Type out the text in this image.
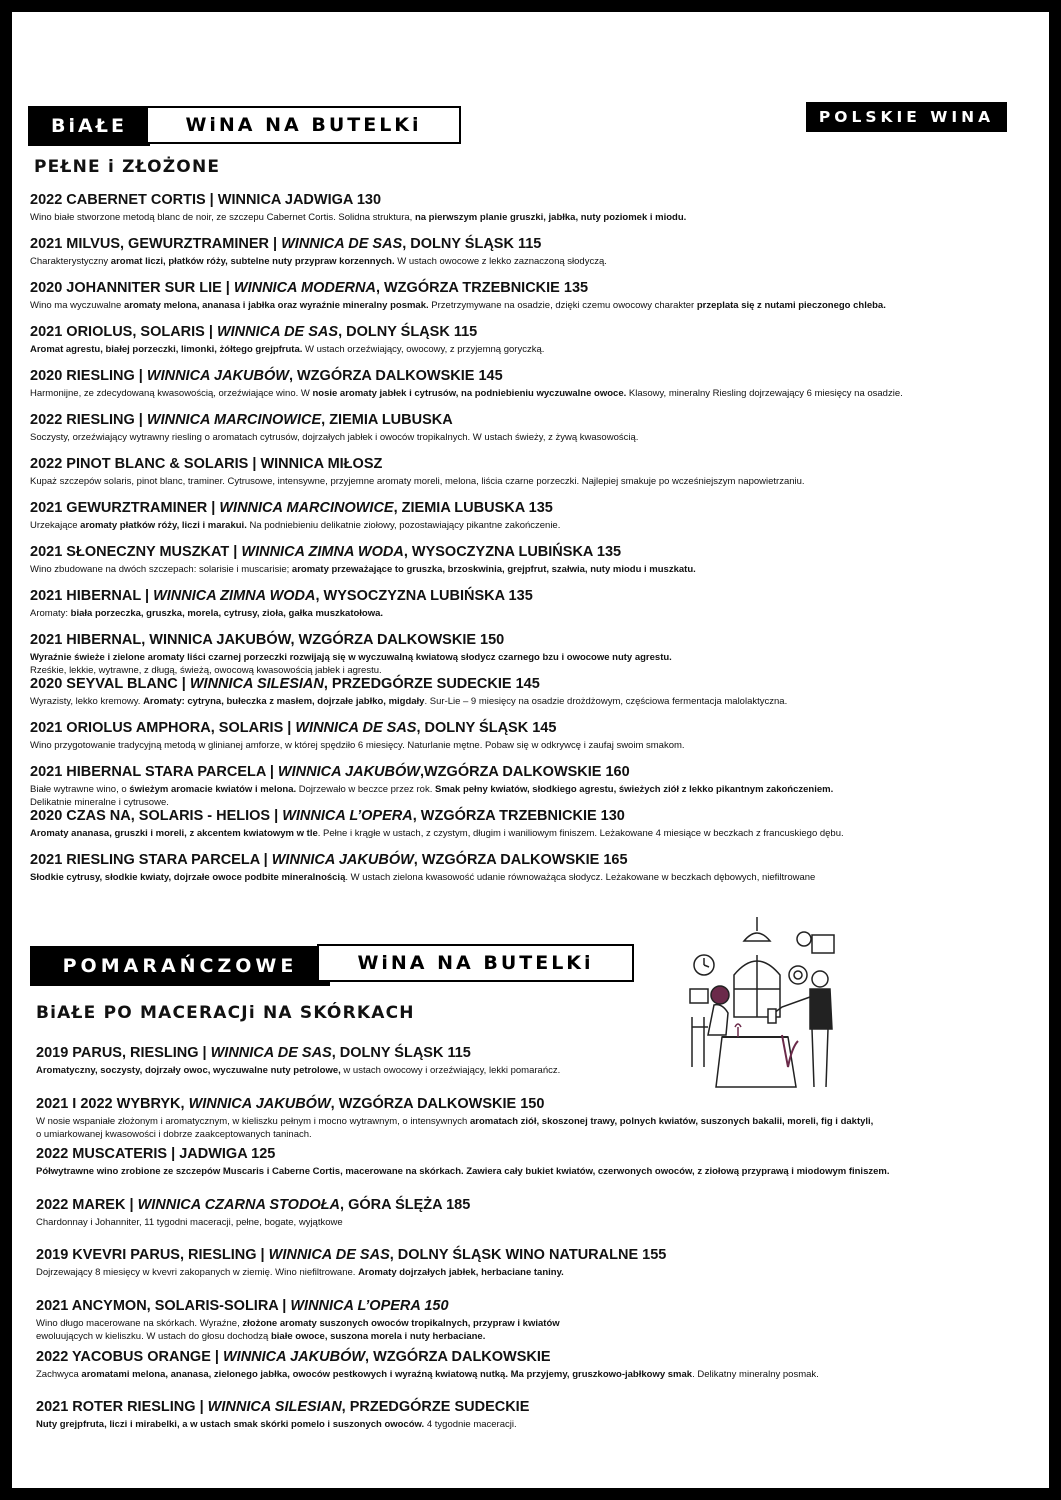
BiAŁE	WiNA NA BUTELKi	POLSKIE WINA
PEŁNE i ZŁOŻONE
2022 CABERNET CORTIS | WINNICA JADWIGA 130
Wino białe stworzone metodą blanc de noir, ze szczepu Cabernet Cortis. Solidna struktura, na pierwszym planie gruszki, jabłka, nuty poziomek i miodu.
2021 MILVUS, GEWURZTRAMINER | WINNICA DE SAS, DOLNY ŚLĄSK 115
Charakterystyczny aromat liczi, płatków róży, subtelne nuty przypraw korzennych. W ustach owocowe z lekko zaznaczoną słodyczą.
2020 JOHANNITER SUR LIE | WINNICA MODERNA, WZGÓRZA TRZEBNICKIE 135
Wino ma wyczuwalne aromaty melona, ananasa i jabłka oraz wyraźnie mineralny posmak. Przetrzymywane na osadzie, dzięki czemu owocowy charakter przeplata się z nutami pieczonego chleba.
2021 ORIOLUS, SOLARIS | WINNICA DE SAS, DOLNY ŚLĄSK 115
Aromat agrestu, białej porzeczki, limonki, żółtego grejpfruta. W ustach orzeźwiający, owocowy, z przyjemną goryczką.
2020 RIESLING | WINNICA JAKUBÓW, WZGÓRZA DALKOWSKIE 145
Harmonijne, ze zdecydowaną kwasowością, orzeźwiające wino. W nosie aromaty jabłek i cytrusów, na podniebieniu wyczuwalne owoce. Klasowy, mineralny Riesling dojrzewający 6 miesięcy na osadzie.
2022 RIESLING | WINNICA MARCINOWICE, ZIEMIA LUBUSKA
Soczysty, orzeźwiający wytrawny riesling o aromatach cytrusów, dojrzałych jabłek i owoców tropikalnych. W ustach świeży, z żywą kwasowością.
2022 PINOT BLANC & SOLARIS | WINNICA MIŁOSZ
Kupaż szczepów solaris, pinot blanc, traminer. Cytrusowe, intensywne, przyjemne aromaty moreli, melona, liścia czarne porzeczki. Najlepiej smakuje po wcześniejszym napowietrzaniu.
2021 GEWURZTRAMINER | WINNICA MARCINOWICE, ZIEMIA LUBUSKA 135
Urzekające aromaty płatków róży, liczi i marakui. Na podniebieniu delikatnie ziołowy, pozostawiający pikantne zakończenie.
2021 SŁONECZNY MUSZKAT | WINNICA ZIMNA WODA, WYSOCZYZNA LUBIŃSKA 135
Wino zbudowane na dwóch szczepach: solarisie i muscarisie; aromaty przeważające to gruszka, brzoskwinia, grejpfrut, szałwia, nuty miodu i muszkatu.
2021 HIBERNAL | WINNICA ZIMNA WODA, WYSOCZYZNA LUBIŃSKA 135
Aromaty: biała porzeczka, gruszka, morela, cytrusy, zioła, gałka muszkatołowa.
2021 HIBERNAL, WINNICA JAKUBÓW, WZGÓRZA DALKOWSKIE 150
Wyraźnie świeże i zielone aromaty liści czarnej porzeczki rozwijają się w wyczuwalną kwiatową słodycz czarnego bzu i owocowe nuty agrestu.
Rześkie, lekkie, wytrawne, z długą, świeżą, owocową kwasowością jabłek i agrestu.
2020 SEYVAL BLANC | WINNICA SILESIAN, PRZEDGÓRZE SUDECKIE 145
Wyrazisty, lekko kremowy. Aromaty: cytryna, bułeczka z masłem, dojrzałe jabłko, migdały. Sur-Lie – 9 miesięcy na osadzie drożdżowym, częściowa fermentacja malolaktyczna.
2021 ORIOLUS AMPHORA, SOLARIS | WINNICA DE SAS, DOLNY ŚLĄSK 145
Wino przygotowanie tradycyjną metodą w glinianej amforze, w której spędziło 6 miesięcy. Naturlanie mętne. Pobaw się w odkrywcę i zaufaj swoim smakom.
2021 HIBERNAL STARA PARCELA | WINNICA JAKUBÓW,WZGÓRZA DALKOWSKIE 160
Białe wytrawne wino, o świeżym aromacie kwiatów i melona. Dojrzewało w beczce przez rok. Smak pełny kwiatów, słodkiego agrestu, świeżych ziół z lekko pikantnym zakończeniem.
Delikatnie mineralne i cytrusowe.
2020 CZAS NA, SOLARIS - HELIOS | WINNICA L’OPERA, WZGÓRZA TRZEBNICKIE 130
Aromaty ananasa, gruszki i moreli, z akcentem kwiatowym w tle. Pełne i krągłe w ustach, z czystym, długim i waniliowym finiszem. Leżakowane 4 miesiące w beczkach z francuskiego dębu.
2021 RIESLING STARA PARCELA | WINNICA JAKUBÓW, WZGÓRZA DALKOWSKIE 165
Słodkie cytrusy, słodkie kwiaty, dojrzałe owoce podbite mineralnością. W ustach zielona kwasowość udanie równoważąca słodycz. Leżakowane w beczkach dębowych, niefiltrowane
POMARAŃCZOWE	WiNA NA BUTELKi
BiAŁE PO MACERACJi NA SKÓRKACH
2019 PARUS, RIESLING | WINNICA DE SAS, DOLNY ŚLĄSK 115
Aromatyczny, soczysty, dojrzały owoc, wyczuwalne nuty petrolowe, w ustach owocowy i orzeźwiający, lekki pomarańcz.
2021 I 2022 WYBRYK, WINNICA JAKUBÓW, WZGÓRZA DALKOWSKIE 150
W nosie wspaniałe złożonym i aromatycznym, w kieliszku pełnym i mocno wytrawnym, o intensywnych aromatach ziół, skoszonej trawy, polnych kwiatów, suszonych bakalii, moreli, fig i daktyli,
o umiarkowanej kwasowości i dobrze zaakceptowanych taninach.
2022 MUSCATERIS | JADWIGA 125
Półwytrawne wino zrobione ze szczepów Muscaris i Caberne Cortis, macerowane na skórkach. Zawiera cały bukiet kwiatów, czerwonych owoców, z ziołową przyprawą i miodowym finiszem.
2022 MAREK | WINNICA CZARNA STODOŁA, GÓRA ŚLĘŻA 185
Chardonnay i Johanniter, 11 tygodni maceracji, pełne, bogate, wyjątkowe
2019 KVEVRI PARUS, RIESLING | WINNICA DE SAS, DOLNY ŚLĄSK WINO NATURALNE 155
Dojrzewający 8 miesięcy w kvevri zakopanych w ziemię. Wino niefiltrowane. Aromaty dojrzałych jabłek, herbaciane taniny.
2021 ANCYMON, SOLARIS-SOLIRA | WINNICA L’OPERA 150
Wino długo macerowane na skórkach. Wyraźne, złożone aromaty suszonych owoców tropikalnych, przypraw i kwiatów
ewoluujących w kieliszku. W ustach do głosu dochodzą białe owoce, suszona morela i nuty herbaciane.
2022 YACOBUS ORANGE | WINNICA JAKUBÓW, WZGÓRZA DALKOWSKIE
Zachwyca aromatami melona, ananasa, zielonego jabłka, owoców pestkowych i wyraźną kwiatową nutką. Ma przyjemy, gruszkowo-jabłkowy smak. Delikatny mineralny posmak.
2021 ROTER RIESLING | WINNICA SILESIAN, PRZEDGÓRZE SUDECKIE
Nuty grejpfruta, liczi i mirabelki, a w ustach smak skórki pomelo i suszonych owoców. 4 tygodnie maceracji.
